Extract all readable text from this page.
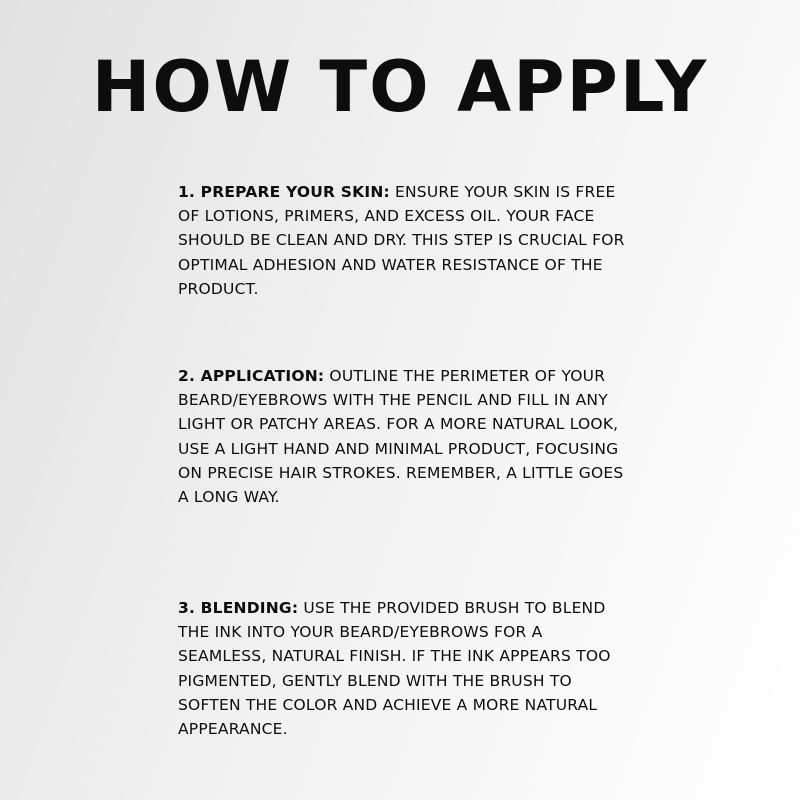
HOW TO APPLY

1. PREPARE YOUR SKIN: ENSURE YOUR SKIN IS FREE OF LOTIONS, PRIMERS, AND EXCESS OIL. YOUR FACE SHOULD BE CLEAN AND DRY. THIS STEP IS CRUCIAL FOR OPTIMAL ADHESION AND WATER RESISTANCE OF THE PRODUCT.

2. APPLICATION: OUTLINE THE PERIMETER OF YOUR BEARD/EYEBROWS WITH THE PENCIL AND FILL IN ANY LIGHT OR PATCHY AREAS. FOR A MORE NATURAL LOOK, USE A LIGHT HAND AND MINIMAL PRODUCT, FOCUSING ON PRECISE HAIR STROKES. REMEMBER, A LITTLE GOES A LONG WAY.

3. BLENDING: USE THE PROVIDED BRUSH TO BLEND THE INK INTO YOUR BEARD/EYEBROWS FOR A SEAMLESS, NATURAL FINISH. IF THE INK APPEARS TOO PIGMENTED, GENTLY BLEND WITH THE BRUSH TO SOFTEN THE COLOR AND ACHIEVE A MORE NATURAL APPEARANCE.
